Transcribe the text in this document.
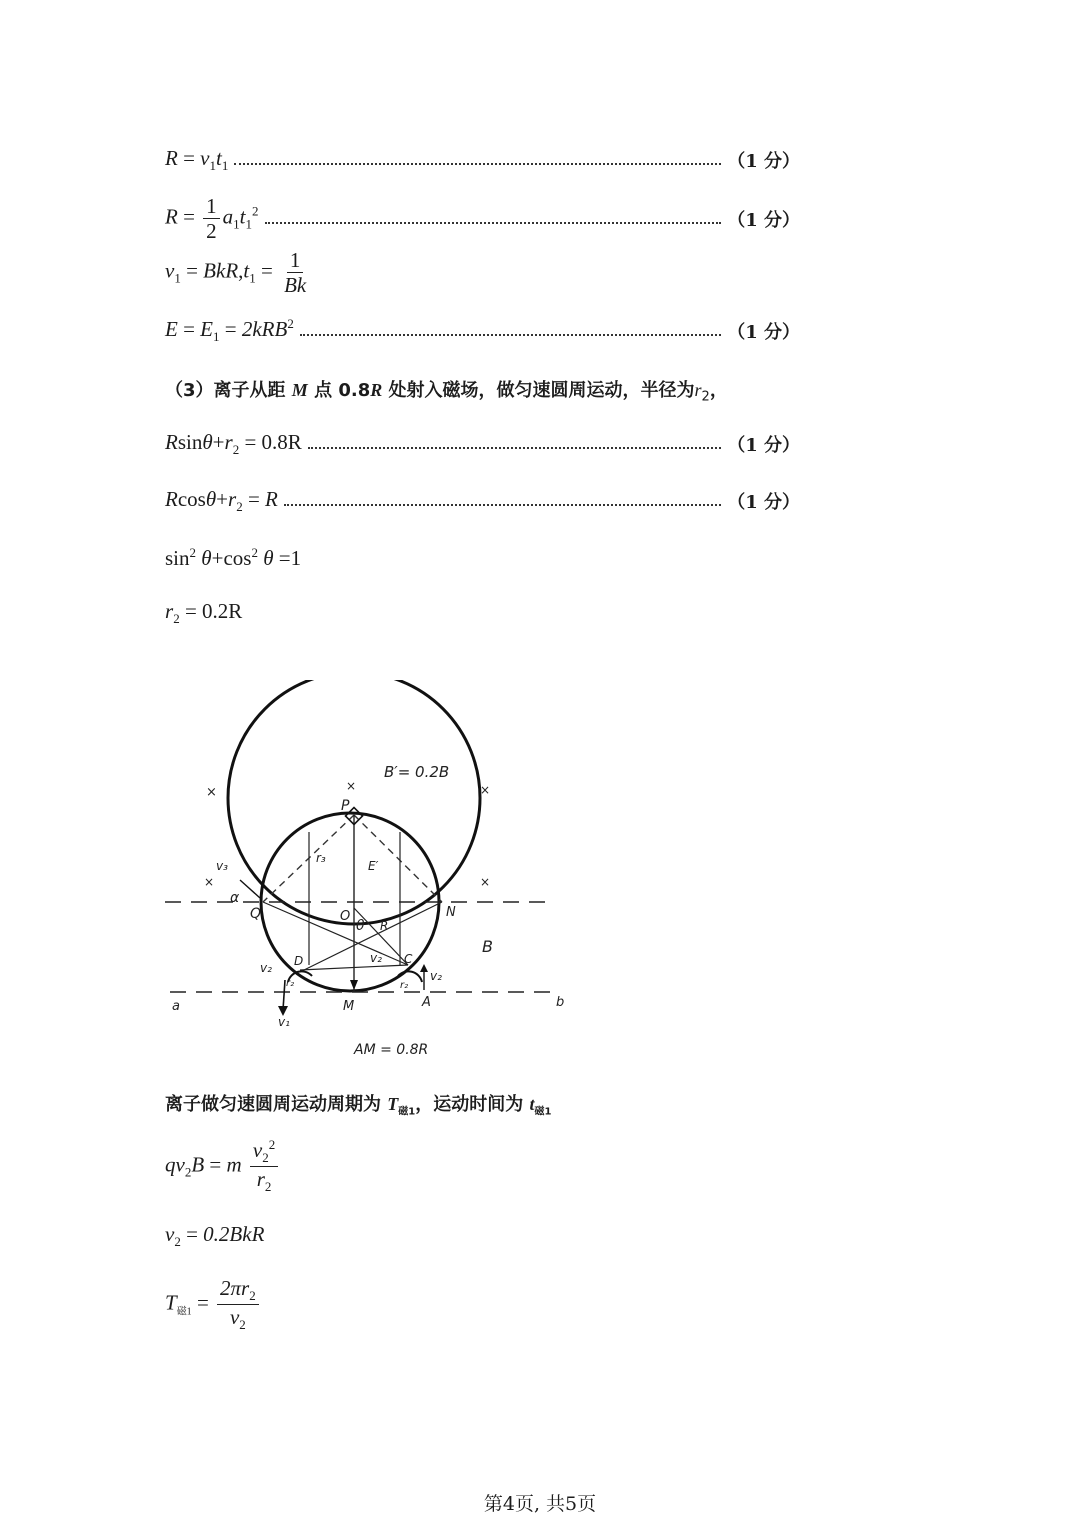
$R = v_1t_1$	（1 分）
$R = \frac{1}{2} a_1t_1^2$	（1 分）
$v_1 = BkR,t_1 = \frac{1}{Bk}$
$E = E_1 = 2kRB^2$	（1 分）
（3）离子从距 M 点 0.8R 处射入磁场，做匀速圆周运动，半径为$r_2$，
$Rsin\theta+r_2 = 0.8R$	（1 分）
$Rcos\theta+r_2 = R$	（1 分）
$\sin^2 \theta+\cos^2$ θ =1
$r_2 = 0.2R$
B′= 0.2B
P
Q	N
O
M	A
D	C
B
a	b
R
θ
α
r₃
E′
v₃
v₂
v₂
v₂
r₂	r₂
v₁
×	×	×
×	×
AM = 0.8R
离子做匀速圆周运动周期为 $T_{磁1}$，运动时间为 $t_{磁1}$
$qv_2B = m \frac{v_2^2}{r_2}$
$v_2 = 0.2BkR$
$T_{磁1} = \frac{2\pi r_2}{v_2}$
第4页, 共5页
